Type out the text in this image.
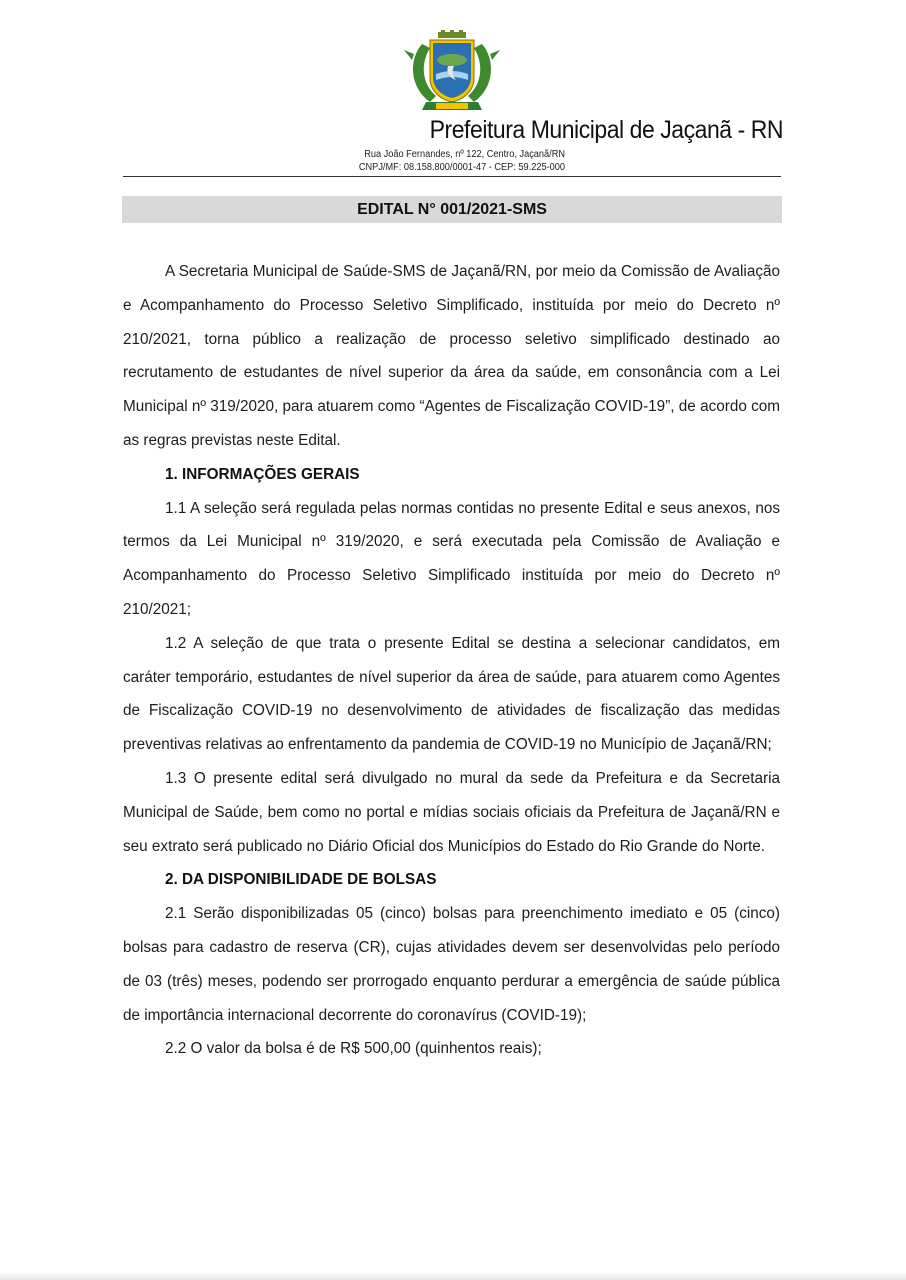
Prefeitura Municipal de Jaçanã - RN
Rua João Fernandes, nº 122, Centro, Jaçanã/RN
CNPJ/MF: 08.158.800/0001-47 - CEP: 59.225-000
EDITAL N° 001/2021-SMS

A Secretaria Municipal de Saúde-SMS de Jaçanã/RN, por meio da Comissão de Avaliação e Acompanhamento do Processo Seletivo Simplificado, instituída por meio do Decreto nº 210/2021, torna público a realização de processo seletivo simplificado destinado ao recrutamento de estudantes de nível superior da área da saúde, em consonância com a Lei Municipal nº 319/2020, para atuarem como “Agentes de Fiscalização COVID-19”, de acordo com as regras previstas neste Edital.

1. INFORMAÇÕES GERAIS

1.1 A seleção será regulada pelas normas contidas no presente Edital e seus anexos, nos termos da Lei Municipal nº 319/2020, e será executada pela Comissão de Avaliação e Acompanhamento do Processo Seletivo Simplificado instituída por meio do Decreto nº 210/2021;

1.2 A seleção de que trata o presente Edital se destina a selecionar candidatos, em caráter temporário, estudantes de nível superior da área de saúde, para atuarem como Agentes de Fiscalização COVID-19 no desenvolvimento de atividades de fiscalização das medidas preventivas relativas ao enfrentamento da pandemia de COVID-19 no Município de Jaçanã/RN;

1.3 O presente edital será divulgado no mural da sede da Prefeitura e da Secretaria Municipal de Saúde, bem como no portal e mídias sociais oficiais da Prefeitura de Jaçanã/RN e seu extrato será publicado no Diário Oficial dos Municípios do Estado do Rio Grande do Norte.

2. DA DISPONIBILIDADE DE BOLSAS

2.1 Serão disponibilizadas 05 (cinco) bolsas para preenchimento imediato e 05 (cinco) bolsas para cadastro de reserva (CR), cujas atividades devem ser desenvolvidas pelo período de 03 (três) meses, podendo ser prorrogado enquanto perdurar a emergência de saúde pública de importância internacional decorrente do coronavírus (COVID-19);

2.2 O valor da bolsa é de R$ 500,00 (quinhentos reais);
